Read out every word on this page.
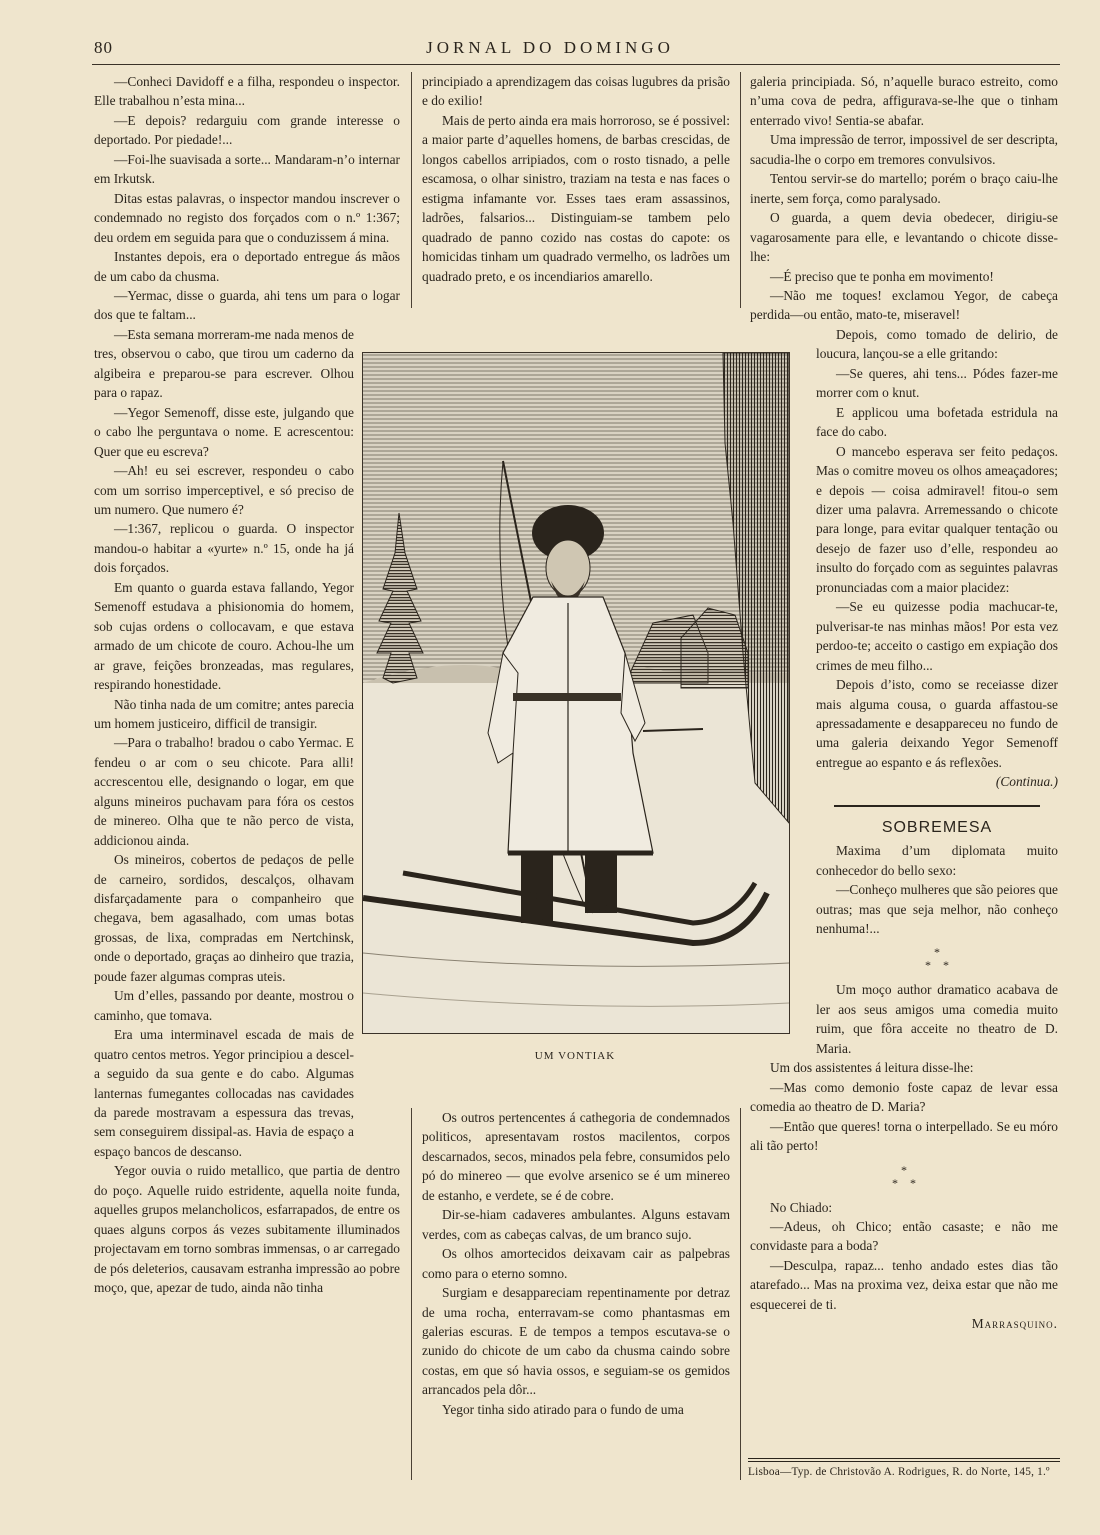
80	JORNAL DO DOMINGO

—Conheci Davidoff e a filha, respondeu o inspector. Elle trabalhou n’esta mina...

—E depois? redarguiu com grande interesse o deportado. Por piedade!...

—Foi-lhe suavisada a sorte... Mandaram-n’o internar em Irkutsk.

Ditas estas palavras, o inspector mandou inscrever o condemnado no registo dos forçados com o n.º 1:367; deu ordem em seguida para que o conduzissem á mina.

Instantes depois, era o deportado entregue ás mãos de um cabo da chusma.

—Yermac, disse o guarda, ahi tens um para o logar dos que te faltam...

—Esta semana morreram-me nada menos de tres, observou o cabo, que tirou um caderno da algibeira e preparou-se para escrever. Olhou para o rapaz.

—Yegor Semenoff, disse este, julgando que o cabo lhe perguntava o nome. E acrescentou: Quer que eu escreva?

—Ah! eu sei escrever, respondeu o cabo com um sorriso imperceptivel, e só preciso de um numero. Que numero é?

—1:367, replicou o guarda. O inspector mandou-o habitar a «yurte» n.º 15, onde ha já dois forçados.

Em quanto o guarda estava fallando, Yegor Semenoff estudava a phisionomia do homem, sob cujas ordens o collocavam, e que estava armado de um chicote de couro. Achou-lhe um ar grave, feições bronzeadas, mas regulares, respirando honestidade.

Não tinha nada de um comitre; antes parecia um homem justiceiro, difficil de transigir.

—Para o trabalho! bradou o cabo Yermac. E fendeu o ar com o seu chicote. Para alli! accrescentou elle, designando o logar, em que alguns mineiros puchavam para fóra os cestos de minereo. Olha que te não perco de vista, addicionou ainda.

Os mineiros, cobertos de pedaços de pelle de carneiro, sordidos, descalços, olhavam disfarçadamente para o companheiro que chegava, bem agasalhado, com umas botas grossas, de lixa, compradas em Nertchinsk, onde o deportado, graças ao dinheiro que trazia, poude fazer algumas compras uteis.

Um d’elles, passando por deante, mostrou o caminho, que tomava.

Era uma interminavel escada de mais de quatro centos metros. Yegor principiou a descel-a seguido da sua gente e do cabo. Algumas lanternas fumegantes collocadas nas cavidades da parede mostravam a espessura das trevas, sem conseguirem dissipal-as. Havia de espaço a espaço bancos de descanso.

Yegor ouvia o ruido metallico, que partia de dentro do poço. Aquelle ruido estridente, aquella noite funda, aquelles grupos melancholicos, esfarrapados, de entre os quaes alguns corpos ás vezes subitamente illuminados projectavam em torno sombras immensas, o ar carregado de pós deleterios, causavam estranha impressão ao pobre moço, que, apezar de tudo, ainda não tinha

principiado a aprendizagem das coisas lugubres da prisão e do exilio!

Mais de perto ainda era mais horroroso, se é possivel: a maior parte d’aquelles homens, de barbas crescidas, de longos cabellos arripiados, com o rosto tisnado, a pelle escamosa, o olhar sinistro, traziam na testa e nas faces o estigma infamante vor. Esses taes eram assassinos, ladrões, falsarios... Distinguiam-se tambem pelo quadrado de panno cozido nas costas do capote: os homicidas tinham um quadrado vermelho, os ladrões um quadrado preto, e os incendiarios amarello.

UM VONTIAK

Os outros pertencentes á cathegoria de condemnados politicos, apresentavam rostos macilentos, corpos descarnados, secos, minados pela febre, consumidos pelo pó do minereo — que evolve arsenico se é um minereo de estanho, e verdete, se é de cobre.

Dir-se-hiam cadaveres ambulantes. Alguns estavam verdes, com as cabeças calvas, de um branco sujo.

Os olhos amortecidos deixavam cair as palpebras como para o eterno somno.

Surgiam e desappareciam repentinamente por detraz de uma rocha, enterravam-se como phantasmas em galerias escuras. E de tempos a tempos escutava-se o zunido do chicote de um cabo da chusma caindo sobre costas, em que só havia ossos, e seguiam-se os gemidos arrancados pela dôr...

Yegor tinha sido atirado para o fundo de uma

galeria principiada. Só, n’aquelle buraco estreito, como n’uma cova de pedra, affigurava-se-lhe que o tinham enterrado vivo! Sentia-se abafar.

Uma impressão de terror, impossivel de ser descripta, sacudia-lhe o corpo em tremores convulsivos.

Tentou servir-se do martello; porém o braço caiu-lhe inerte, sem força, como paralysado.

O guarda, a quem devia obedecer, dirigiu-se vagarosamente para elle, e levantando o chicote disse-lhe:

—É preciso que te ponha em movimento!

—Não me toques! exclamou Yegor, de cabeça perdida—ou então, mato-te, miseravel!

Depois, como tomado de delirio, de loucura, lançou-se a elle gritando:

—Se queres, ahi tens... Pódes fazer-me morrer com o knut.

E applicou uma bofetada estridula na face do cabo.

O mancebo esperava ser feito pedaços. Mas o comitre moveu os olhos ameaçadores; e depois — coisa admiravel! fitou-o sem dizer uma palavra. Arremessando o chicote para longe, para evitar qualquer tentação ou desejo de fazer uso d’elle, respondeu ao insulto do forçado com as seguintes palavras pronunciadas com a maior placidez:

—Se eu quizesse podia machucar-te, pulverisar-te nas minhas mãos! Por esta vez perdoo-te; acceito o castigo em expiação dos crimes de meu filho...

Depois d’isto, como se receiasse dizer mais alguma cousa, o guarda affastou-se apressadamente e desappareceu no fundo de uma galeria deixando Yegor Semenoff entregue ao espanto e ás reflexões.

(Continua.)

SOBREMESA

Maxima d’um diplomata muito conhecedor do bello sexo:

—Conheço mulheres que são peiores que outras; mas que seja melhor, não conheço nenhuma!...

*
*    *

Um moço author dramatico acabava de ler aos seus amigos uma comedia muito ruim, que fôra acceite no theatro de D. Maria.

Um dos assistentes á leitura disse-lhe:

—Mas como demonio foste capaz de levar essa comedia ao theatro de D. Maria?

—Então que queres! torna o interpellado. Se eu móro ali tão perto!

*
*    *

No Chiado:

—Adeus, oh Chico; então casaste; e não me convidaste para a boda?

—Desculpa, rapaz... tenho andado estes dias tão atarefado... Mas na proxima vez, deixa estar que não me esquecerei de ti.

Marrasquino.

Lisboa—Typ. de Christovão A. Rodrigues, R. do Norte, 145, 1.º
